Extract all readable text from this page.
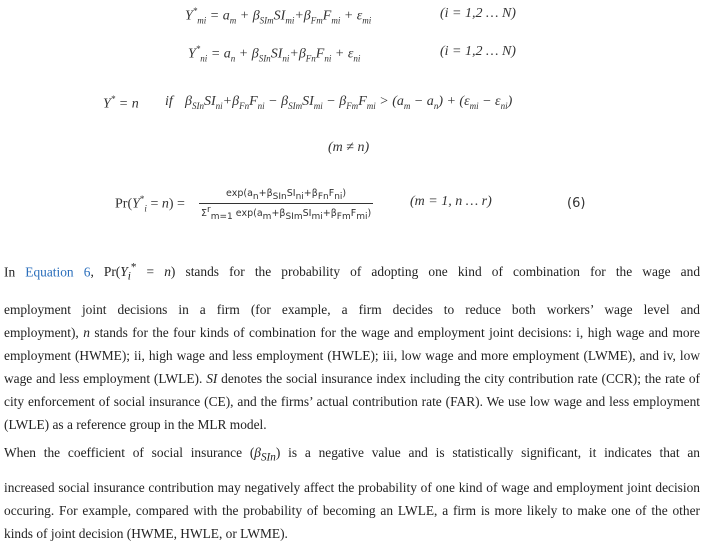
$Y^*_{mi} = a_m + \beta_{SIm}SI_{mi}+\beta_{Fm}F_{mi} + \varepsilon_{mi}$	(i = 1,2 … N)
$Y^*_{ni} = a_n + \beta_{SIn}SI_{ni}+\beta_{Fn}F_{ni} + \varepsilon_{ni}$	(i = 1,2 … N)
Y* = n if $\beta_{SIn}SI_{ni}+\beta_{Fn}F_{ni} - \beta_{SIm}SI_{mi} - \beta_{Fm}F_{mi} > (a_m - a_n) + (\varepsilon_{mi} - \varepsilon_{ni})$
(m ≠ n)
$Pr(Y^*_i = n) = \frac{\exp(a_n+\beta_{SIn}SI_{ni}+\beta_{Fn}F_{ni})}{\Sigma^r_{m=1} \exp(a_m+\beta_{SIm}SI_{mi}+\beta_{Fm}F_{mi})}$	(m = 1, n … r)	(6)

In Equation 6, $Pr(Y_i^* = n)$ stands for the probability of adopting one kind of combination for the wage and

employment joint decisions in a firm (for example, a firm decides to reduce both workers’ wage level and

employment), n stands for the four kinds of combination for the wage and employment joint decisions: i, high wage and more employment (HWME); ii, high wage and less employment (HWLE); iii, low wage and more employment (LWME), and iv, low wage and less employment (LWLE). SI denotes the social insurance index including the city contribution rate (CCR); the rate of city enforcement of social insurance (CE), and the firms’ actual contribution rate (FAR). We use low wage and less employment (LWLE) as a reference group in the MLR model.

When the coefficient of social insurance $(\beta_{SIn})$ is a negative value and is statistically significant, it indicates that an

increased social insurance contribution may negatively affect the probability of one kind of wage and employment joint decision occuring. For example, compared with the probability of becoming an LWLE, a firm is more likely to make one of the other kinds of joint decision (HWME, HWLE, or LWME).
